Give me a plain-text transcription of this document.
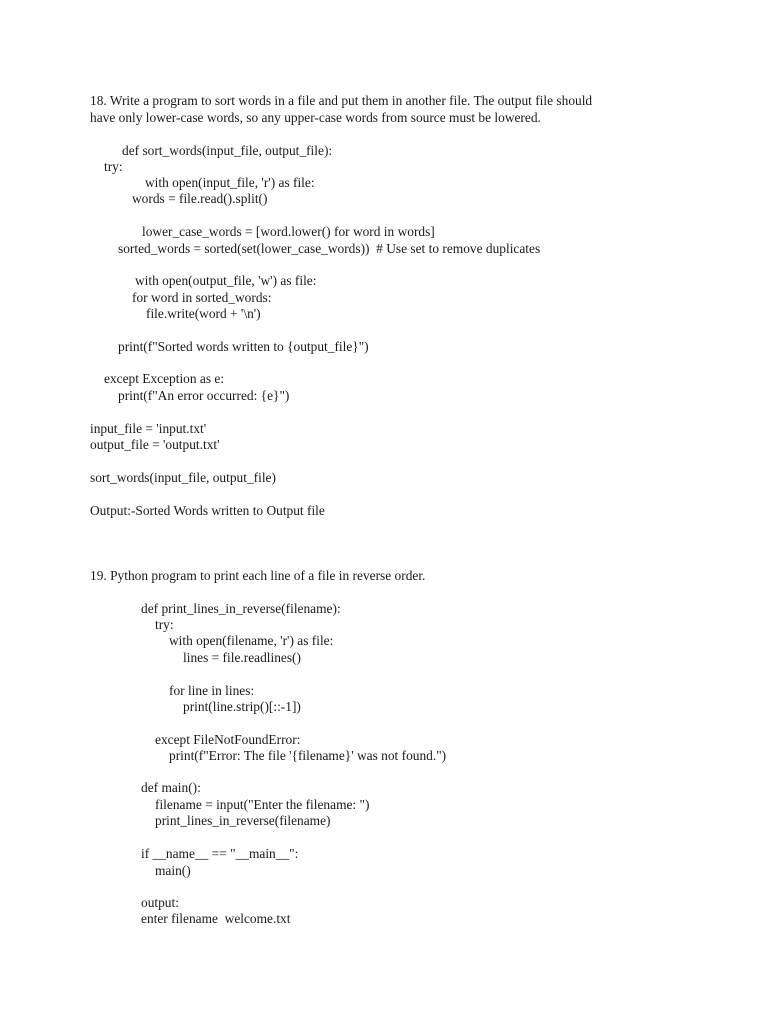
18. Write a program to sort words in a file and put them in another file. The output file should
have only lower-case words, so any upper-case words from source must be lowered.
def sort_words(input_file, output_file):
try:
with open(input_file, 'r') as file:
words = file.read().split()
lower_case_words = [word.lower() for word in words]
sorted_words = sorted(set(lower_case_words))  # Use set to remove duplicates
with open(output_file, 'w') as file:
for word in sorted_words:
file.write(word + '\n')
print(f"Sorted words written to {output_file}")
except Exception as e:
print(f"An error occurred: {e}")
input_file = 'input.txt'
output_file = 'output.txt'
sort_words(input_file, output_file)
Output:-Sorted Words written to Output file
19. Python program to print each line of a file in reverse order.
def print_lines_in_reverse(filename):
try:
with open(filename, 'r') as file:
lines = file.readlines()
for line in lines:
print(line.strip()[::-1])
except FileNotFoundError:
print(f"Error: The file '{filename}' was not found.")
def main():
filename = input("Enter the filename: ")
print_lines_in_reverse(filename)
if __name__ == "__main__":
main()
output:
enter filename  welcome.txt
